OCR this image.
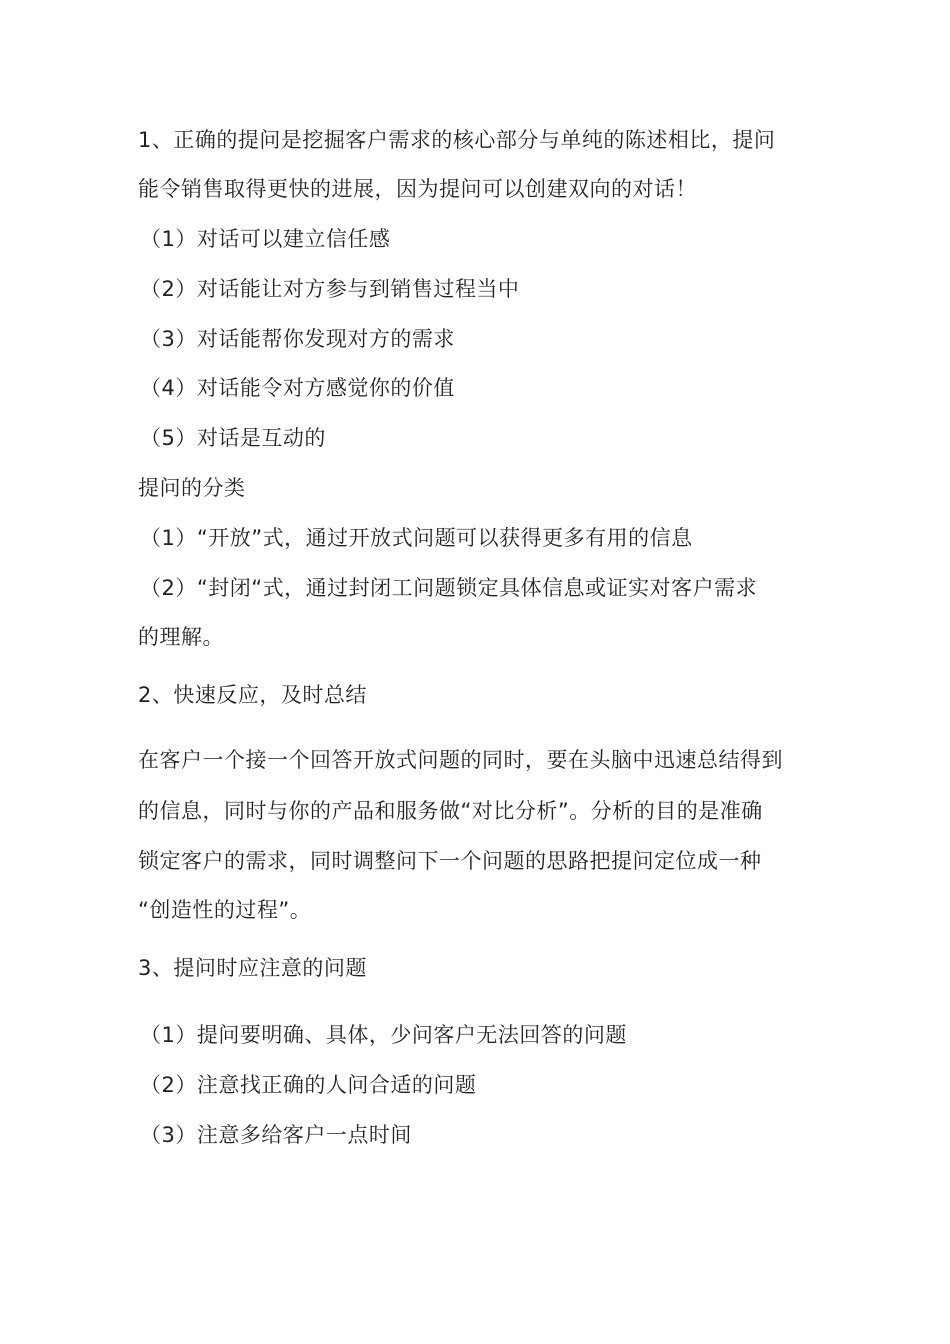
1、正确的提问是挖掘客户需求的核心部分与单纯的陈述相比，提问
能令销售取得更快的进展，因为提问可以创建双向的对话！
（1）对话可以建立信任感
（2）对话能让对方参与到销售过程当中
（3）对话能帮你发现对方的需求
（4）对话能令对方感觉你的价值
（5）对话是互动的
提问的分类
（1）“开放”式，通过开放式问题可以获得更多有用的信息
（2）“封闭“式，通过封闭工问题锁定具体信息或证实对客户需求
的理解。
2、快速反应，及时总结
在客户一个接一个回答开放式问题的同时，要在头脑中迅速总结得到
的信息，同时与你的产品和服务做“对比分析”。分析的目的是准确
锁定客户的需求，同时调整问下一个问题的思路把提问定位成一种
“创造性的过程”。
3、提问时应注意的问题
（1）提问要明确、具体，少问客户无法回答的问题
（2）注意找正确的人问合适的问题
（3）注意多给客户一点时间
